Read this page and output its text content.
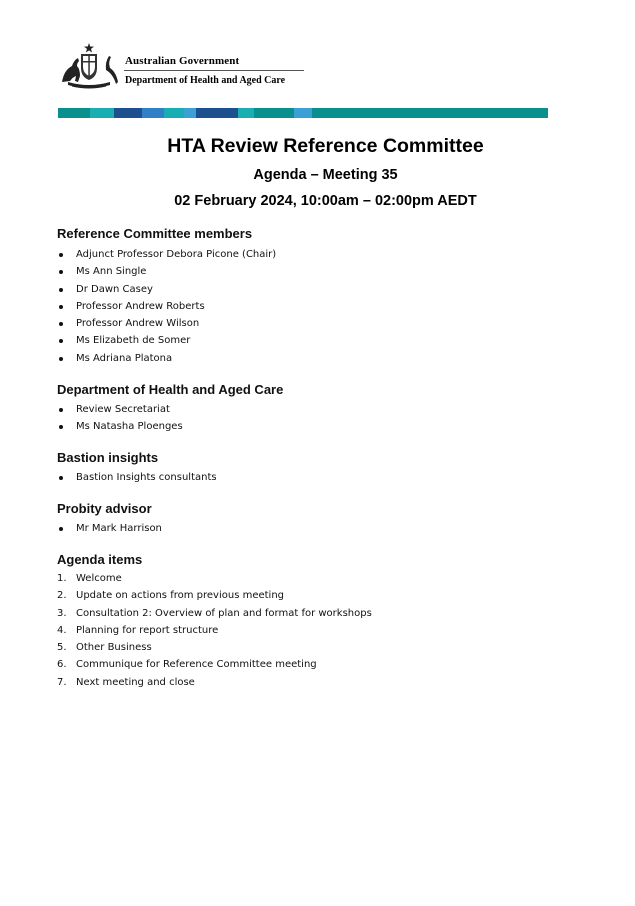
Australian Government
Department of Health and Aged Care
HTA Review Reference Committee
Agenda – Meeting 35
02 February 2024, 10:00am – 02:00pm AEDT
Reference Committee members
Adjunct Professor Debora Picone (Chair)
Ms Ann Single
Dr Dawn Casey
Professor Andrew Roberts
Professor Andrew Wilson
Ms Elizabeth de Somer
Ms Adriana Platona
Department of Health and Aged Care
Review Secretariat
Ms Natasha Ploenges
Bastion insights
Bastion Insights consultants
Probity advisor
Mr Mark Harrison
Agenda items
1. Welcome
2. Update on actions from previous meeting
3. Consultation 2: Overview of plan and format for workshops
4. Planning for report structure
5. Other Business
6. Communique for Reference Committee meeting
7. Next meeting and close
